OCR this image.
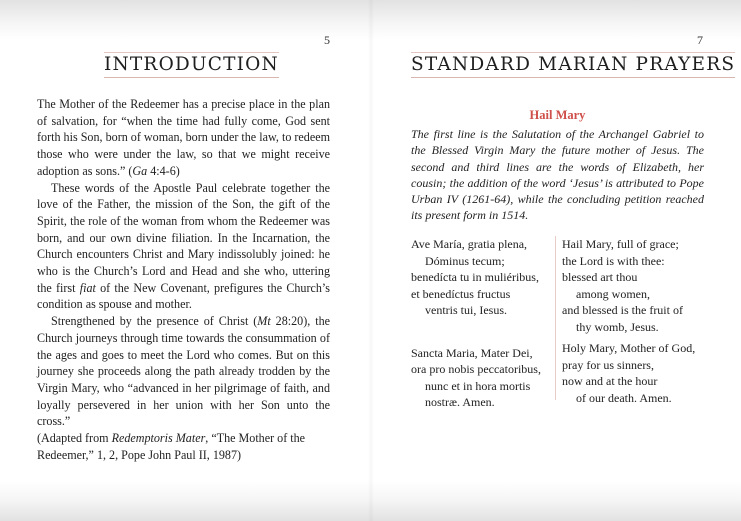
5
INTRODUCTION

The Mother of the Redeemer has a precise place in the plan of salvation, for “when the time had fully come, God sent forth his Son, born of woman, born under the law, to redeem those who were under the law, so that we might receive adoption as sons.” (Ga 4:4-6)

These words of the Apostle Paul celebrate together the love of the Father, the mission of the Son, the gift of the Spirit, the role of the woman from whom the Redeemer was born, and our own divine filiation. In the Incarnation, the Church encounters Christ and Mary indissolubly joined: he who is the Church’s Lord and Head and she who, uttering the first fiat of the New Covenant, prefigures the Church’s condition as spouse and mother.

Strengthened by the presence of Christ (Mt 28:20), the Church journeys through time towards the consummation of the ages and goes to meet the Lord who comes. But on this journey she proceeds along the path already trodden by the Virgin Mary, who “advanced in her pilgrimage of faith, and loyally persevered in her union with her Son unto the cross.”

(Adapted from Redemptoris Mater, “The Mother of the Redeemer,” 1, 2, Pope John Paul II, 1987)

7
STANDARD MARIAN PRAYERS
Hail Mary
The first line is the Salutation of the Archangel Gabriel to the Blessed Virgin Mary the future mother of Jesus. The second and third lines are the words of Elizabeth, her cousin; the addition of the word ‘Jesus’ is attributed to Pope Urban IV (1261-64), while the concluding petition reached its present form in 1514.
Ave María, gratia plena,
Dóminus tecum;
benedícta tu in muliéribus,
et benedíctus fructus
ventris tui, Iesus.
Sancta Maria, Mater Dei,
ora pro nobis peccatoribus,
nunc et in hora mortis
nostræ. Amen.
Hail Mary, full of grace;
the Lord is with thee:
blessed art thou
among women,
and blessed is the fruit of
thy womb, Jesus.
Holy Mary, Mother of God,
pray for us sinners,
now and at the hour
of our death. Amen.
